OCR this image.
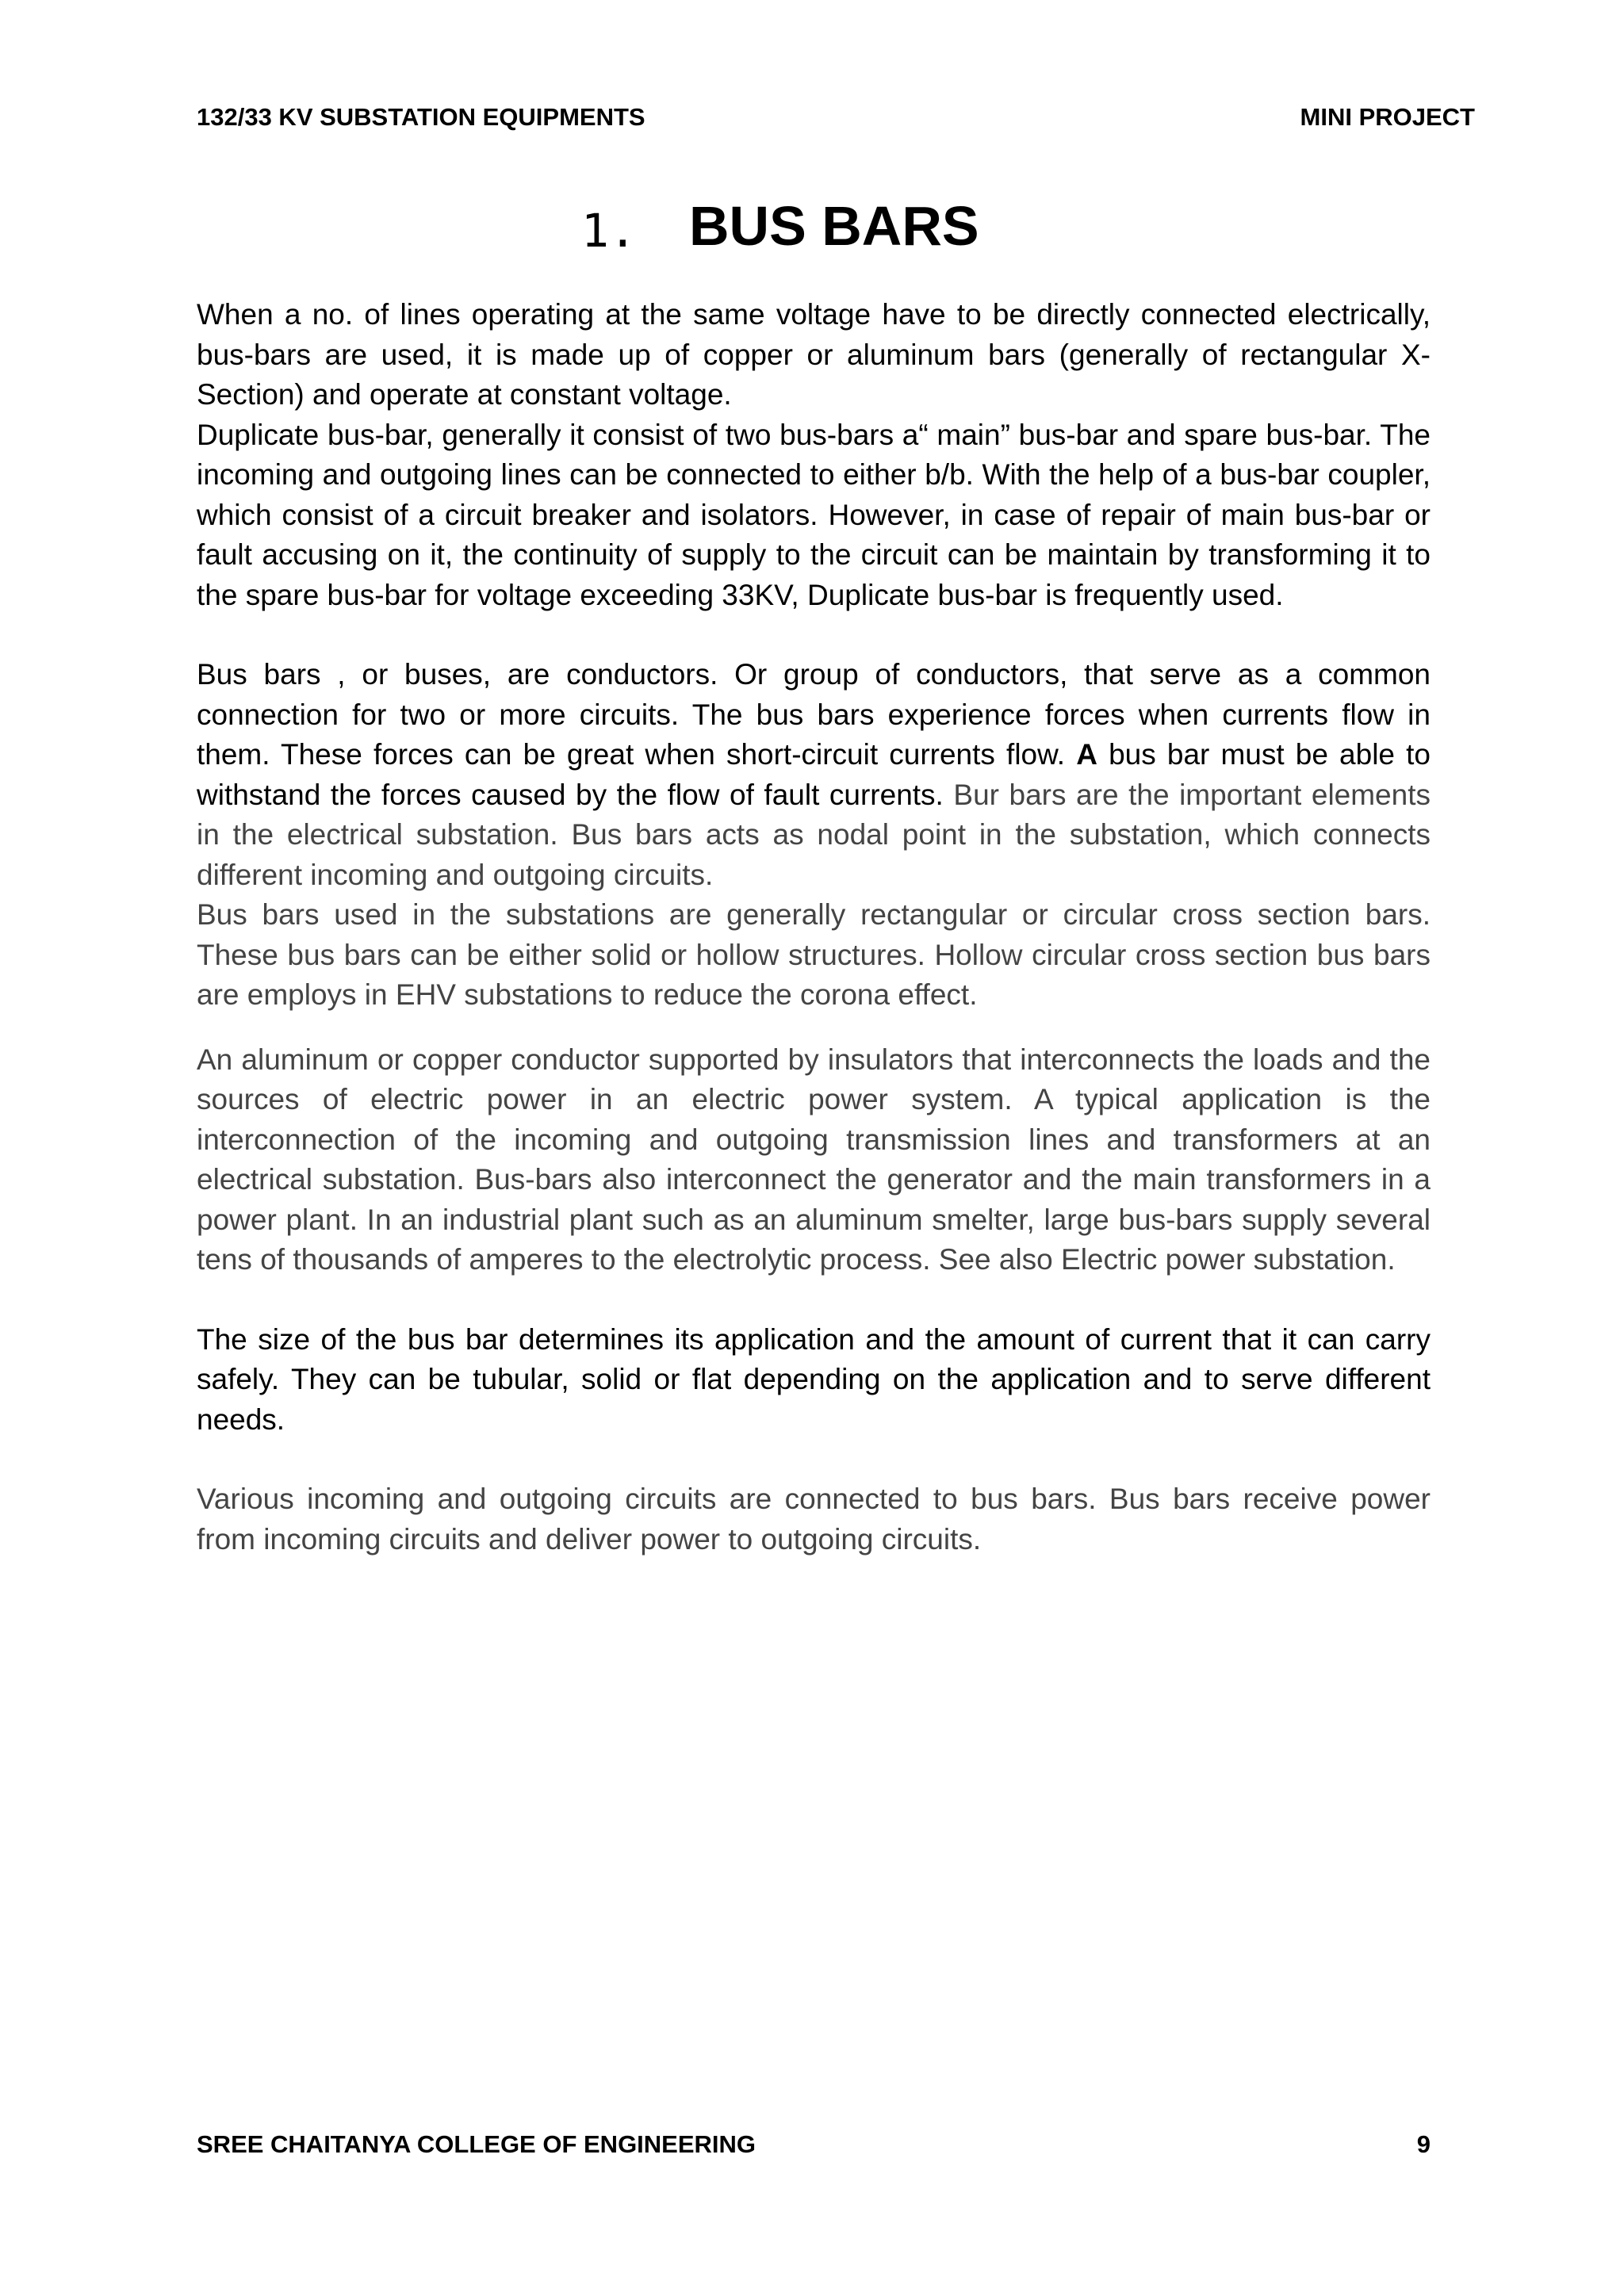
132/33 KV SUBSTATION EQUIPMENTS	MINI PROJECT
1. BUS BARS

When a no. of lines operating at the same voltage have to be directly connected electrically, bus-bars are used, it is made up of copper or aluminum bars (generally of rectangular X-Section) and operate at constant voltage.

Duplicate bus-bar, generally it consist of two bus-bars a“ main” bus-bar and spare bus-bar. The incoming and outgoing lines can be connected to either b/b. With the help of a bus-bar coupler, which consist of a circuit breaker and isolators. However, in case of repair of main bus-bar or fault accusing on it, the continuity of supply to the circuit can be maintain by transforming it to the spare bus-bar for voltage exceeding 33KV, Duplicate bus-bar is frequently used.

Bus bars , or buses, are conductors. Or group of conductors, that serve as a common connection for two or more circuits. The bus bars experience forces when currents flow in them. These forces can be great when short-circuit currents flow. A bus bar must be able to withstand the forces caused by the flow of fault currents. Bur bars are the important elements in the electrical substation. Bus bars acts as nodal point in the substation, which connects different incoming and outgoing circuits.

Bus bars used in the substations are generally rectangular or circular cross section bars. These bus bars can be either solid or hollow structures. Hollow circular cross section bus bars are employs in EHV substations to reduce the corona effect.

An aluminum or copper conductor supported by insulators that interconnects the loads and the sources of electric power in an electric power system. A typical application is the interconnection of the incoming and outgoing transmission lines and transformers at an electrical substation. Bus-bars also interconnect the generator and the main transformers in a power plant. In an industrial plant such as an aluminum smelter, large bus-bars supply several tens of thousands of amperes to the electrolytic process. See also Electric power substation.

The size of the bus bar determines its application and the amount of current that it can carry safely. They can be tubular, solid or flat depending on the application and to serve different needs.

Various incoming and outgoing circuits are connected to bus bars. Bus bars receive power from incoming circuits and deliver power to outgoing circuits.

SREE CHAITANYA COLLEGE OF ENGINEERING	9
